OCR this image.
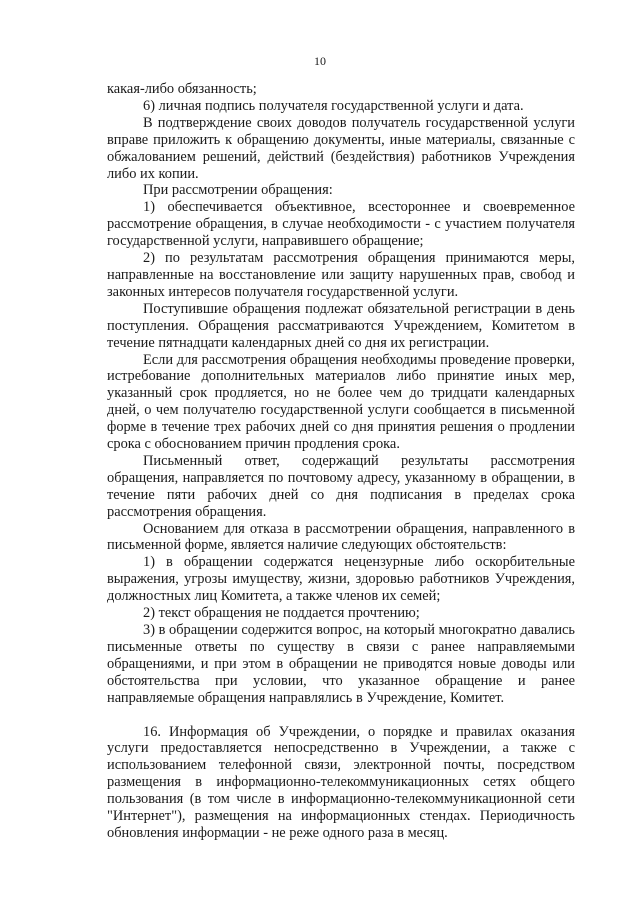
10

какая-либо обязанность;

6) личная подпись получателя государственной услуги и дата.

В подтверждение своих доводов получатель государственной услуги вправе приложить к обращению документы, иные материалы, связанные с обжалованием решений, действий (бездействия) работников Учреждения либо их копии.

При рассмотрении обращения:

1) обеспечивается объективное, всестороннее и своевременное рассмотрение обращения, в случае необходимости - с участием получателя государственной услуги, направившего обращение;

2) по результатам рассмотрения обращения принимаются меры, направленные на восстановление или защиту нарушенных прав, свобод и законных интересов получателя государственной услуги.

Поступившие обращения подлежат обязательной регистрации в день поступления. Обращения рассматриваются Учреждением, Комитетом в течение пятнадцати календарных дней со дня их регистрации.

Если для рассмотрения обращения необходимы проведение проверки, истребование дополнительных материалов либо принятие иных мер, указанный срок продляется, но не более чем до тридцати календарных дней, о чем получателю государственной услуги сообщается в письменной форме в течение трех рабочих дней со дня принятия решения о продлении срока с обоснованием причин продления срока.

Письменный ответ, содержащий результаты рассмотрения обращения, направляется по почтовому адресу, указанному в обращении, в течение пяти рабочих дней со дня подписания в пределах срока рассмотрения обращения.

Основанием для отказа в рассмотрении обращения, направленного в письменной форме, является наличие следующих обстоятельств:

1) в обращении содержатся нецензурные либо оскорбительные выражения, угрозы имуществу, жизни, здоровью работников Учреждения, должностных лиц Комитета, а также членов их семей;

2) текст обращения не поддается прочтению;

3) в обращении содержится вопрос, на который многократно давались письменные ответы по существу в связи с ранее направляемыми обращениями, и при этом в обращении не приводятся новые доводы или обстоятельства при условии, что указанное обращение и ранее направляемые обращения направлялись в Учреждение, Комитет.

16. Информация об Учреждении, о порядке и правилах оказания услуги предоставляется непосредственно в Учреждении, а также с использованием телефонной связи, электронной почты, посредством размещения в информационно-телекоммуникационных сетях общего пользования (в том числе в информационно-телекоммуникационной сети "Интернет"), размещения на информационных стендах. Периодичность обновления информации - не реже одного раза в месяц.
